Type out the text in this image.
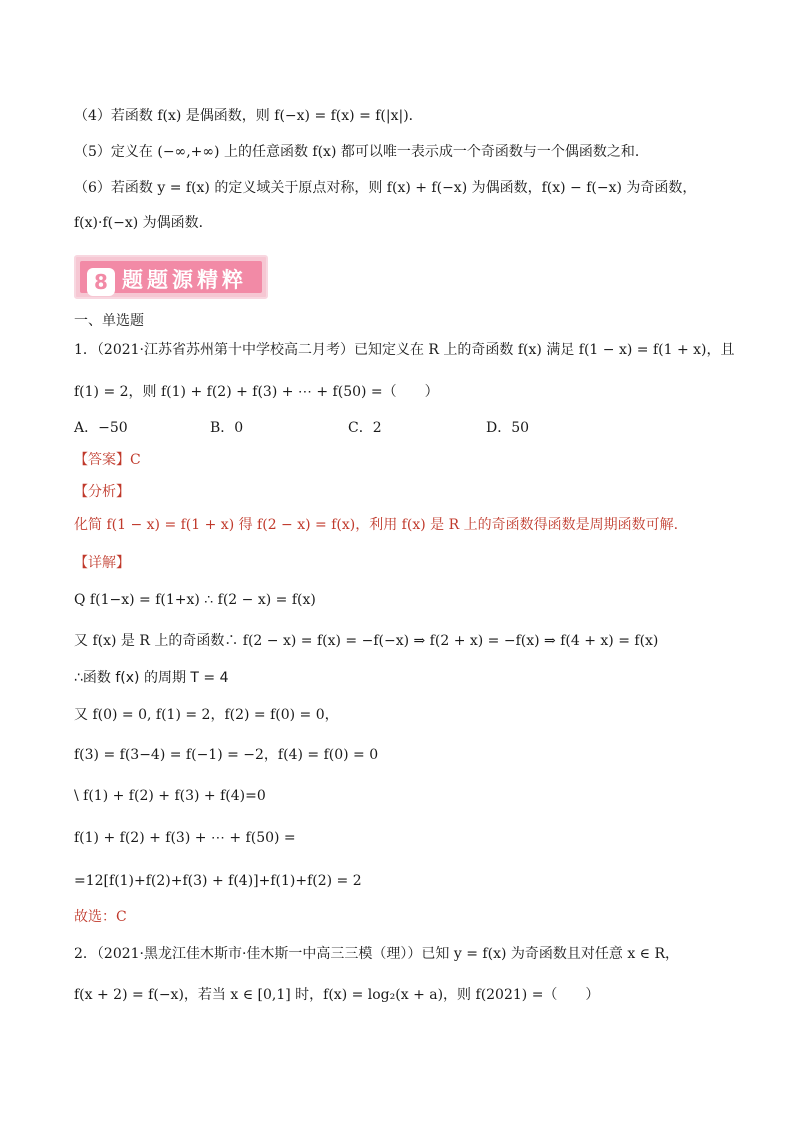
（4）若函数 f(x) 是偶函数，则 f(−x) = f(x) = f(|x|)．
（5）定义在 (−∞,+∞) 上的任意函数 f(x) 都可以唯一表示成一个奇函数与一个偶函数之和．
（6）若函数 y = f(x) 的定义域关于原点对称，则 f(x) + f(−x) 为偶函数，f(x) − f(−x) 为奇函数，
f(x)·f(−x) 为偶函数．
8 题题源精粹
一、单选题
1．（2021·江苏省苏州第十中学校高二月考）已知定义在 R 上的奇函数 f(x) 满足 f(1 − x) = f(1 + x)，且
f(1) = 2，则 f(1) + f(2) + f(3) + ⋯ + f(50) =（　　）
A．−50	B．0	C．2	D．50
【答案】C
【分析】
化简 f(1 − x) = f(1 + x) 得 f(2 − x) = f(x)，利用 f(x) 是 R 上的奇函数得函数是周期函数可解.
【详解】
Q f(1−x) = f(1+x) ∴ f(2 − x) = f(x)
又 f(x) 是 R 上的奇函数∴ f(2 − x) = f(x) = −f(−x) ⇒ f(2 + x) = −f(x) ⇒ f(4 + x) = f(x)
∴函数 f(x) 的周期 T = 4
又 f(0) = 0, f(1) = 2，f(2) = f(0) = 0，
f(3) = f(3−4) = f(−1) = −2，f(4) = f(0) = 0
\ f(1) + f(2) + f(3) + f(4)=0
f(1) + f(2) + f(3) + ⋯ + f(50) =
=12[f(1)+f(2)+f(3) + f(4)]+f(1)+f(2) = 2
故选：C
2．（2021·黑龙江佳木斯市·佳木斯一中高三三模（理））已知 y = f(x) 为奇函数且对任意 x ∈ R，
f(x + 2) = f(−x)，若当 x ∈ [0,1] 时，f(x) = log₂(x + a)，则 f(2021) =（　　）
